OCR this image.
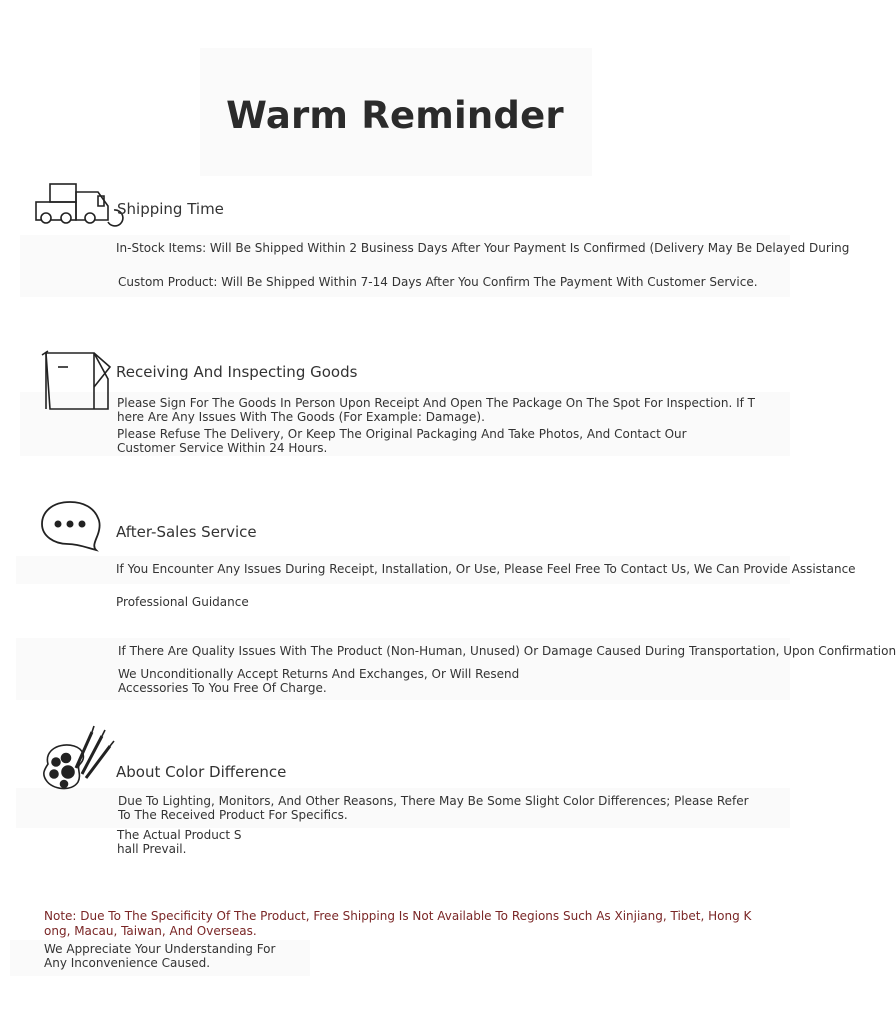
Warm Reminder
Shipping Time
In-Stock Items: Will Be Shipped Within 2 Business Days After Your Payment Is Confirmed (Delivery May Be Delayed During
Custom Product: Will Be Shipped Within 7-14 Days After You Confirm The Payment With Customer Service.
Receiving And Inspecting Goods
Please Sign For The Goods In Person Upon Receipt And Open The Package On The Spot For Inspection. If There Are Any Issues With The Goods (For Example: Damage).
Please Refuse The Delivery, Or Keep The Original Packaging And Take Photos, And Contact Our Customer Service Within 24 Hours.
After-Sales Service
If You Encounter Any Issues During Receipt, Installation, Or Use, Please Feel Free To Contact Us, We Can Provide Assistance
Professional Guidance
If There Are Quality Issues With The Product (Non-Human, Unused) Or Damage Caused During Transportation, Upon Confirmation
We Unconditionally Accept Returns And Exchanges, Or Will Resend Accessories To You Free Of Charge.
About Color Difference
Due To Lighting, Monitors, And Other Reasons, There May Be Some Slight Color Differences; Please Refer To The Received Product For Specifics.
The Actual Product Shall Prevail.
Note: Due To The Specificity Of The Product, Free Shipping Is Not Available To Regions Such As Xinjiang, Tibet, Hong Kong, Macau, Taiwan, And Overseas.
We Appreciate Your Understanding For Any Inconvenience Caused.
